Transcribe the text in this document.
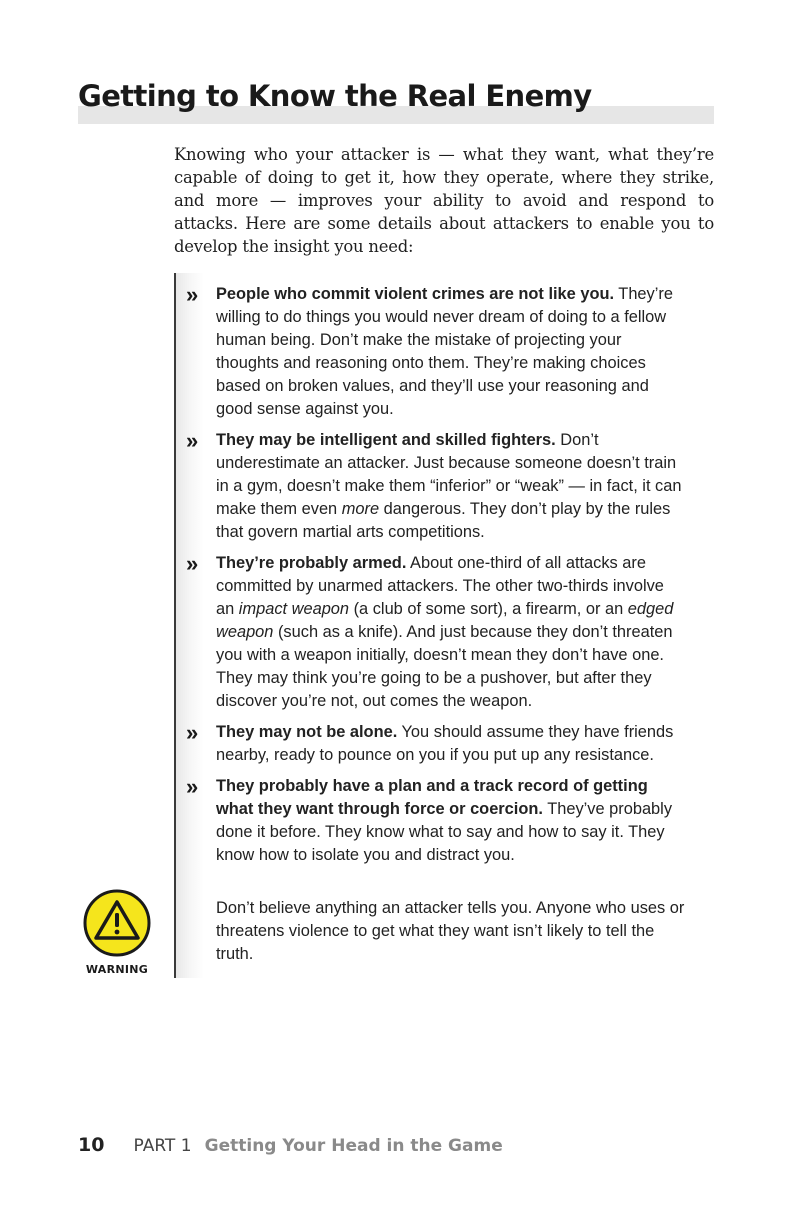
Getting to Know the Real Enemy

Knowing who your attacker is — what they want, what they’re capable of doing to get it, how they operate, where they strike, and more — improves your ability to avoid and respond to attacks. Here are some details about attackers to enable you to develop the insight you need:

» People who commit violent crimes are not like you. They’re willing to do things you would never dream of doing to a fellow human being. Don’t make the mistake of projecting your thoughts and reasoning onto them. They’re making choices based on broken values, and they’ll use your reasoning and good sense against you.
» They may be intelligent and skilled fighters. Don’t underestimate an attacker. Just because someone doesn’t train in a gym, doesn’t make them “inferior” or “weak” — in fact, it can make them even more dangerous. They don’t play by the rules that govern martial arts competitions.
» They’re probably armed. About one-third of all attacks are committed by unarmed attackers. The other two-thirds involve an impact weapon (a club of some sort), a firearm, or an edged weapon (such as a knife). And just because they don’t threaten you with a weapon initially, doesn’t mean they don’t have one. They may think you’re going to be a pushover, but after they discover you’re not, out comes the weapon.
» They may not be alone. You should assume they have friends nearby, ready to pounce on you if you put up any resistance.
» They probably have a plan and a track record of getting what they want through force or coercion. They’ve probably done it before. They know what to say and how to say it. They know how to isolate you and distract you.

Don’t believe anything an attacker tells you. Anyone who uses or threatens violence to get what they want isn’t likely to tell the truth.

WARNING
10 PART 1 Getting Your Head in the Game
